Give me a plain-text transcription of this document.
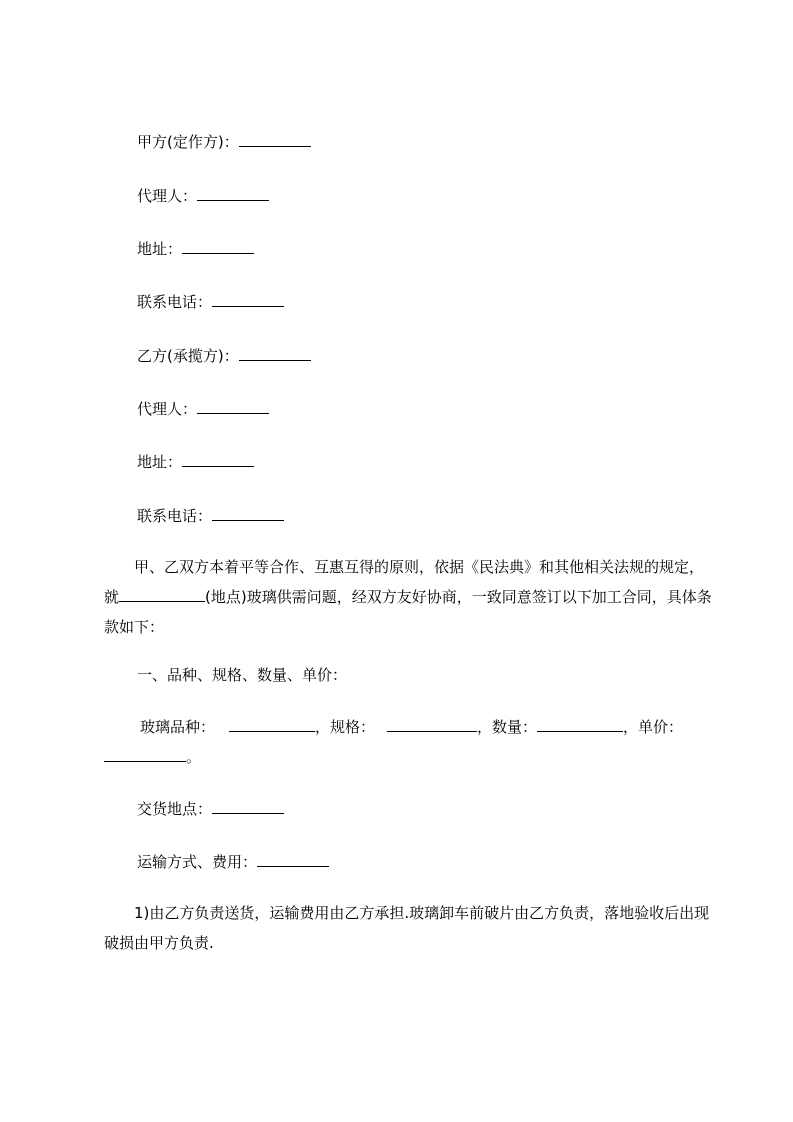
甲方(定作方)：
代理人：
地址：
联系电话：
乙方(承揽方)：
代理人：
地址：
联系电话：
甲、乙双方本着平等合作、互惠互得的原则，依据《民法典》和其他相关法规的规定，就	(地点)玻璃供需问题，经双方友好协商，一致同意签订以下加工合同，具体条款如下：
一、品种、规格、数量、单价：
玻璃品种：	，规格：	，数量：	，单价：。
交货地点：
运输方式、费用：
1)由乙方负责送货，运输费用由乙方承担.玻璃卸车前破片由乙方负责，落地验收后出现破损由甲方负责.
